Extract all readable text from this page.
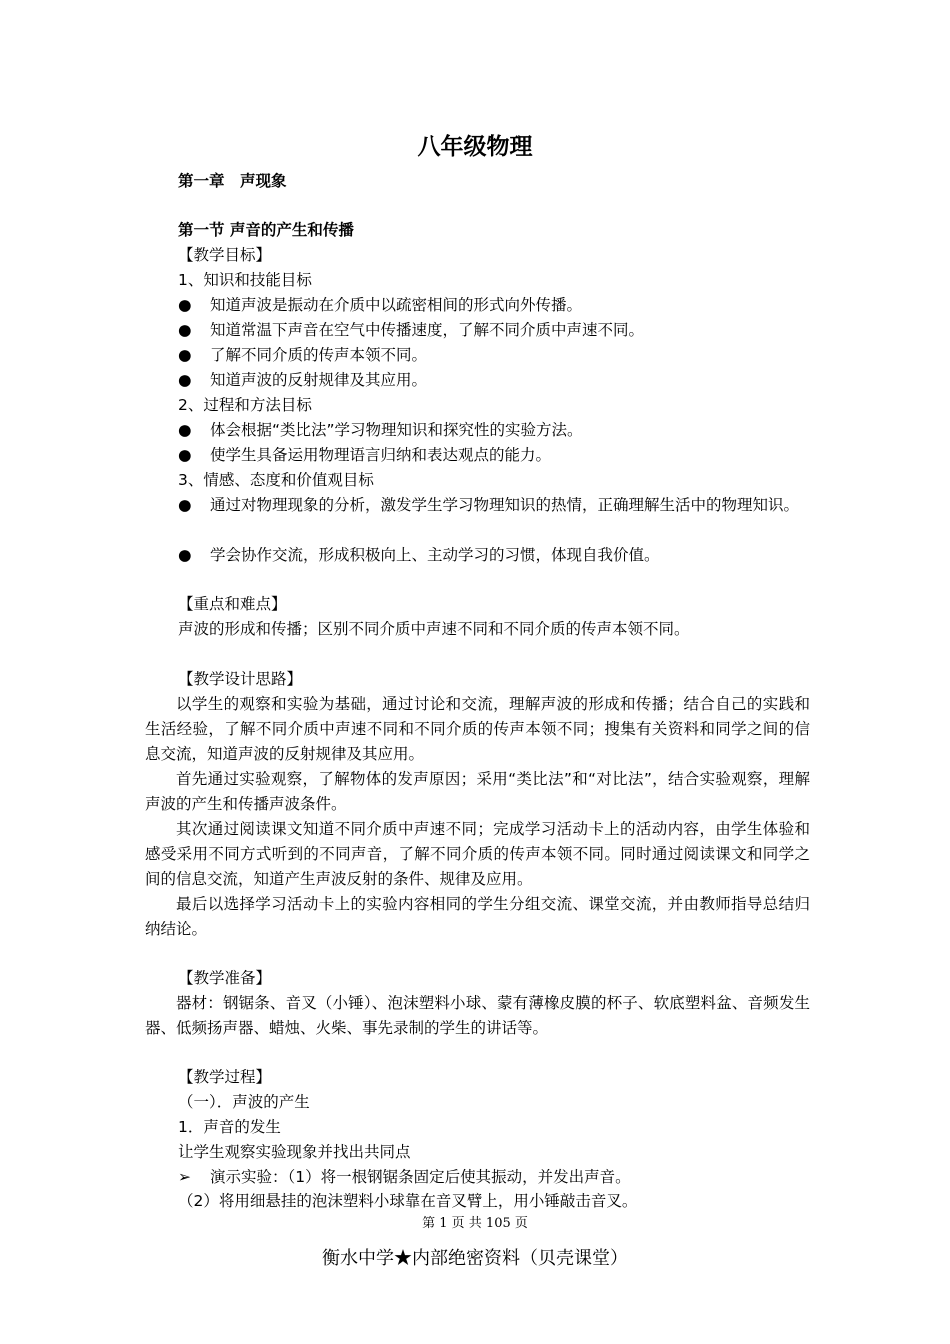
八年级物理
第一章　声现象
第一节 声音的产生和传播
【教学目标】
1、知识和技能目标
● 知道声波是振动在介质中以疏密相间的形式向外传播。
● 知道常温下声音在空气中传播速度，了解不同介质中声速不同。
● 了解不同介质的传声本领不同。
● 知道声波的反射规律及其应用。
2、过程和方法目标
● 体会根据“类比法”学习物理知识和探究性的实验方法。
● 使学生具备运用物理语言归纳和表达观点的能力。
3、情感、态度和价值观目标
●	通过对物理现象的分析，激发学生学习物理知识的热情，正确理解生活中的物理知识。
● 学会协作交流，形成积极向上、主动学习的习惯，体现自我价值。
【重点和难点】
声波的形成和传播；区别不同介质中声速不同和不同介质的传声本领不同。
【教学设计思路】
以学生的观察和实验为基础，通过讨论和交流，理解声波的形成和传播；结合自己的实践和生活经验，了解不同介质中声速不同和不同介质的传声本领不同；搜集有关资料和同学之间的信息交流，知道声波的反射规律及其应用。
首先通过实验观察，了解物体的发声原因；采用“类比法”和“对比法”，结合实验观察，理解声波的产生和传播声波条件。
其次通过阅读课文知道不同介质中声速不同；完成学习活动卡上的活动内容，由学生体验和感受采用不同方式听到的不同声音，了解不同介质的传声本领不同。同时通过阅读课文和同学之间的信息交流，知道产生声波反射的条件、规律及应用。
最后以选择学习活动卡上的实验内容相同的学生分组交流、课堂交流，并由教师指导总结归纳结论。
【教学准备】
器材：钢锯条、音叉（小锤）、泡沫塑料小球、蒙有薄橡皮膜的杯子、软底塑料盆、音频发生器、低频扬声器、蜡烛、火柴、事先录制的学生的讲话等。
【教学过程】
（一）．声波的产生
1．声音的发生
让学生观察实验现象并找出共同点
➢ 演示实验：（1）将一根钢锯条固定后使其振动，并发出声音。
（2）将用细悬挂的泡沫塑料小球靠在音叉臂上，用小锤敲击音叉。
第 1 页 共 105 页
衡水中学★内部绝密资料（贝壳课堂）
